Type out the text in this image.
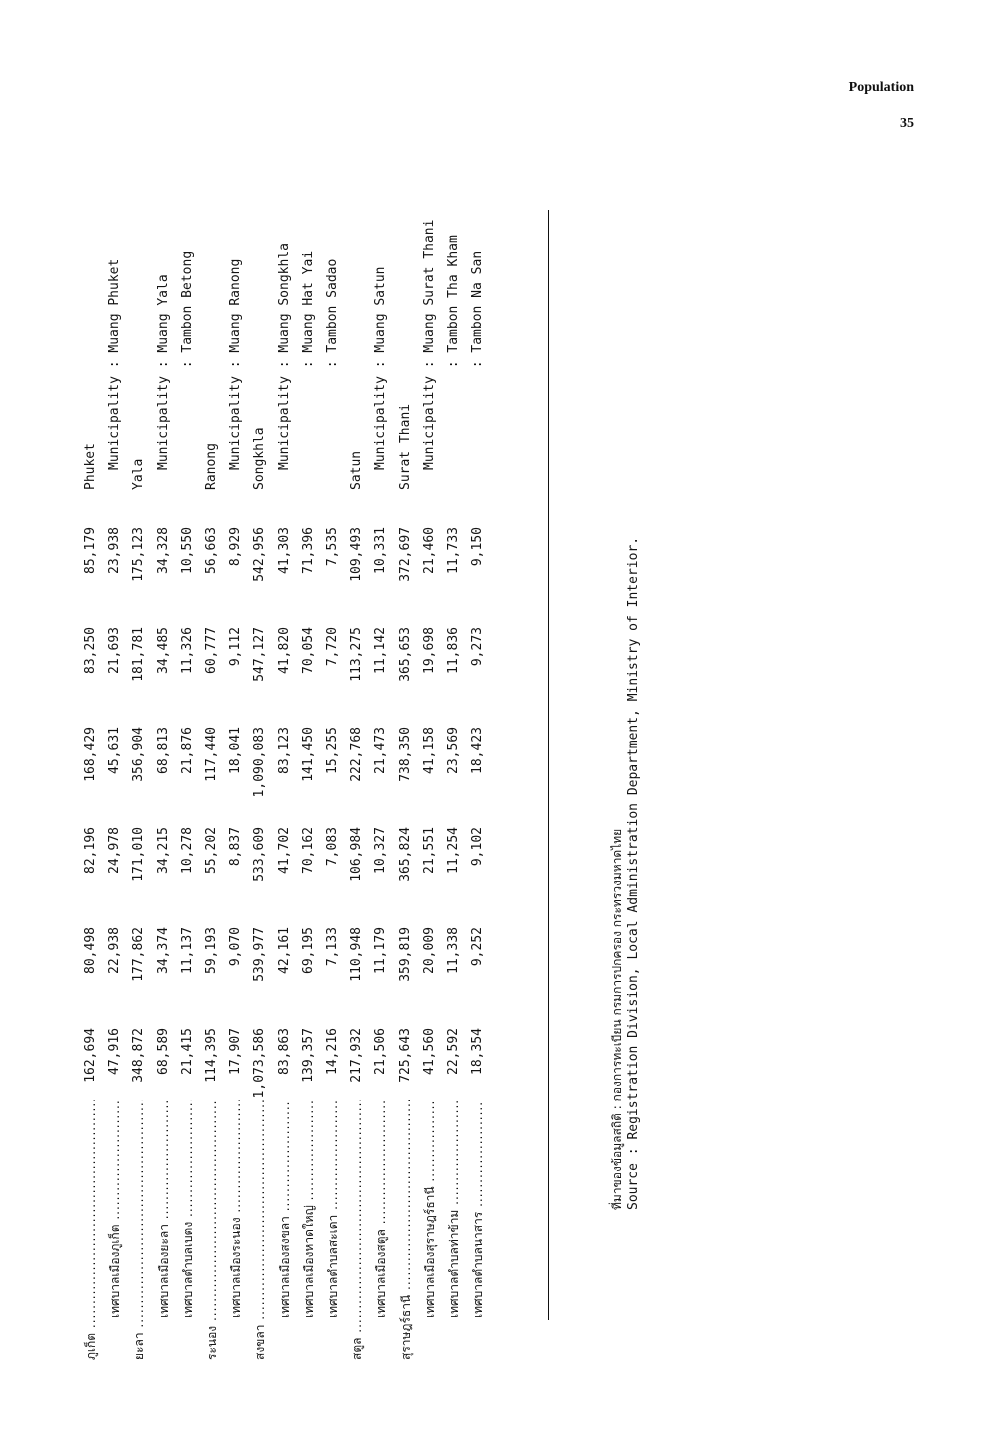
Population
35
ภูเก็ต .....
162,694
80,498
82,196
168,429
83,250
85,179
Phuket
เทศบาลเมืองภูเก็ต .....
47,916
22,938
24,978
45,631
21,693
23,938
Municipality : Muang Phuket
ยะลา .....
348,872
177,862
171,010
356,904
181,781
175,123
Yala
เทศบาลเมืองยะลา .....
68,589
34,374
34,215
68,813
34,485
34,328
Municipality : Muang Yala
เทศบาลตำบลเบตง .....
21,415
11,137
10,278
21,876
11,326
10,550
: Tambon Betong
ระนอง .....
114,395
59,193
55,202
117,440
60,777
56,663
Ranong
เทศบาลเมืองระนอง .....
17,907
9,070
8,837
18,041
9,112
8,929
Municipality : Muang Ranong
สงขลา .....
1,073,586
539,977
533,609
1,090,083
547,127
542,956
Songkhla
เทศบาลเมืองสงขลา .....
83,863
42,161
41,702
83,123
41,820
41,303
Municipality : Muang Songkhla
เทศบาลเมืองหาดใหญ่ .....
139,357
69,195
70,162
141,450
70,054
71,396
: Muang Hat Yai
เทศบาลตำบลสะเดา .....
14,216
7,133
7,083
15,255
7,720
7,535
: Tambon Sadao
สตูล .....
217,932
110,948
106,984
222,768
113,275
109,493
Satun
เทศบาลเมืองสตูล .....
21,506
11,179
10,327
21,473
11,142
10,331
Municipality : Muang Satun
สุราษฎร์ธานี .....
725,643
359,819
365,824
738,350
365,653
372,697
Surat Thani
เทศบาลเมืองสุราษฎร์ธานี .....
41,560
20,009
21,551
41,158
19,698
21,460
Municipality : Muang Surat Thani
เทศบาลตำบลท่าข้าม .....
22,592
11,338
11,254
23,569
11,836
11,733
: Tambon Tha Kham
เทศบาลตำบลนาสาร .....
18,354
9,252
9,102
18,423
9,273
9,150
: Tambon Na San
ที่มาของข้อมูลสถิติ : กองการทะเบียน กรมการปกครอง กระทรวงมหาดไทย Source : Registration Division, Local Administration Department, Ministry of Interior.
